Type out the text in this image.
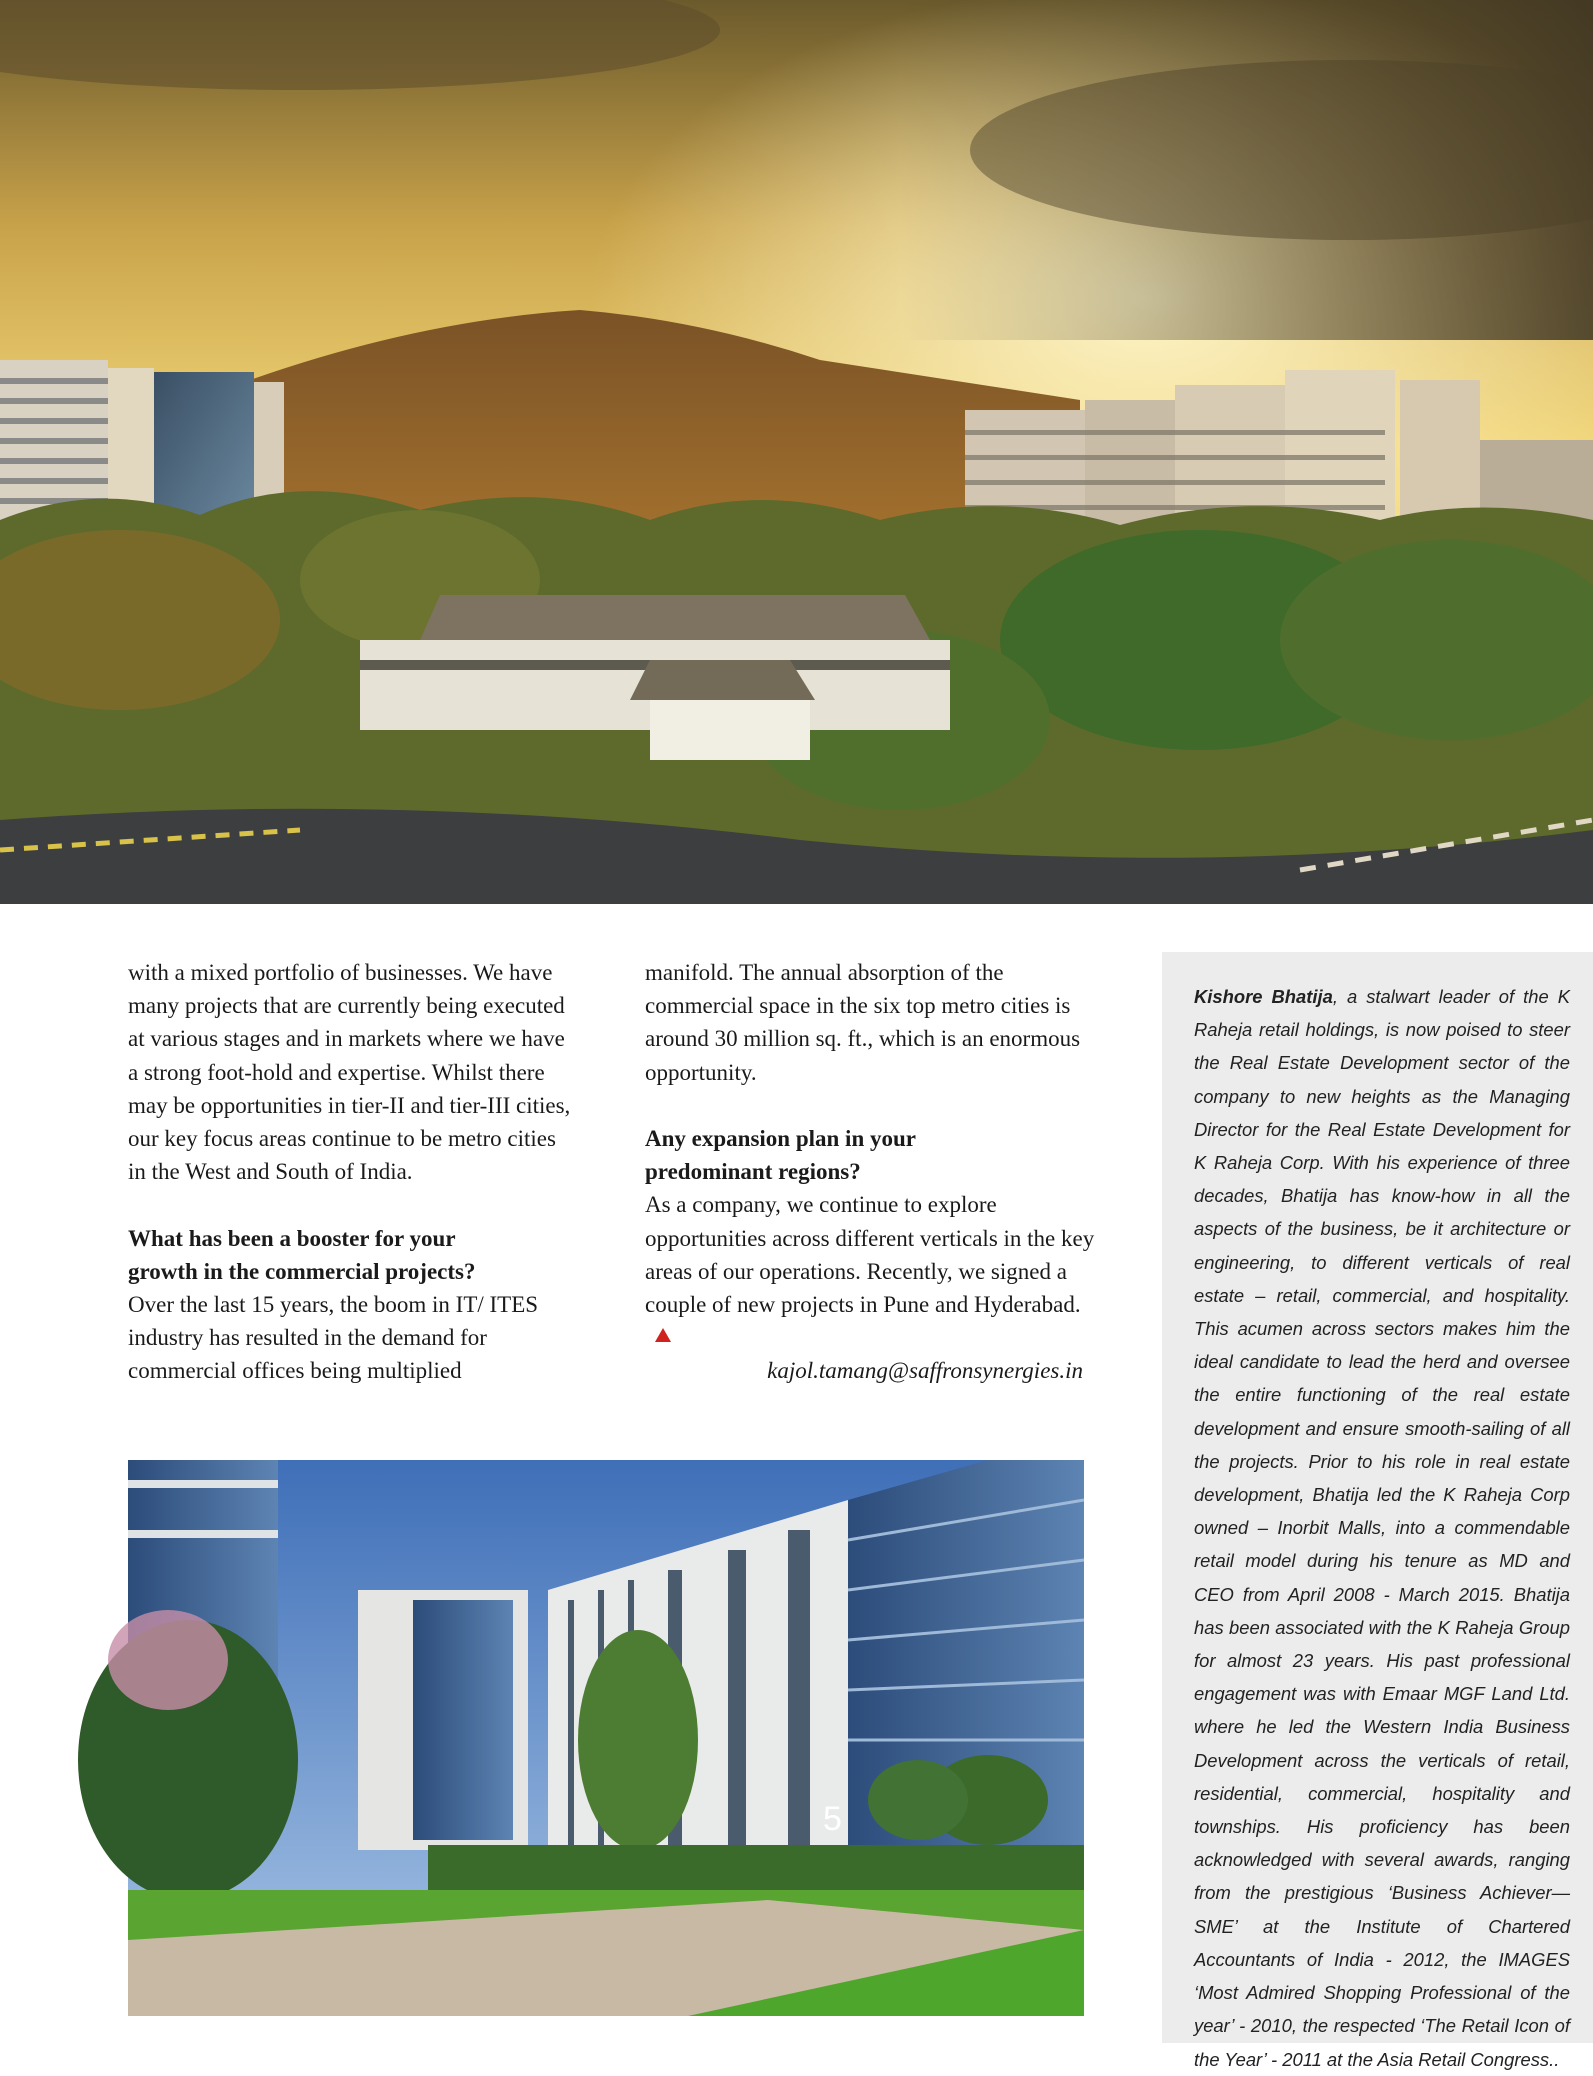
with a mixed portfolio of businesses. We have many projects that are currently being executed at various stages and in markets where we have a strong foot-hold and expertise. Whilst there may be opportunities in tier-II and tier-III cities, our key focus areas continue to be metro cities in the West and South of India.

What has been a booster for your
growth in the commercial projects?

Over the last 15 years, the boom in IT/ ITES industry has resulted in the demand for commercial offices being multiplied

manifold. The annual absorption of the commercial space in the six top metro cities is around 30 million sq. ft., which is an enormous opportunity.

Any expansion plan in your
predominant regions?

As a company, we continue to explore opportunities across different verticals in the key areas of our operations. Recently, we signed a couple of new projects in Pune and Hyderabad.

kajol.tamang@saffronsynergies.in

5

Kishore Bhatija, a stalwart leader of the K Raheja retail holdings, is now poised to steer the Real Estate Development sector of the company to new heights as the Managing Director for the Real Estate Development for K Raheja Corp. With his experience of three decades, Bhatija has know-how in all the aspects of the business, be it architecture or engineering, to different verticals of real estate – retail, commercial, and hospitality. This acumen across sectors makes him the ideal candidate to lead the herd and oversee the entire functioning of the real estate development and ensure smooth-sailing of all the projects. Prior to his role in real estate development, Bhatija led the K Raheja Corp owned – Inorbit Malls, into a commendable retail model during his tenure as MD and CEO from April 2008 - March 2015. Bhatija has been associated with the K Raheja Group for almost 23 years. His past professional engagement was with Emaar MGF Land Ltd. where he led the Western India Business Development across the verticals of retail, residential, commercial, hospitality and townships. His proficiency has been acknowledged with several awards, ranging from the prestigious ‘Business Achiever—SME’ at the Institute of Chartered Accountants of India - 2012, the IMAGES ‘Most Admired Shopping Professional of the year’ - 2010, the respected ‘The Retail Icon of the Year’ - 2011 at the Asia Retail Congress..
